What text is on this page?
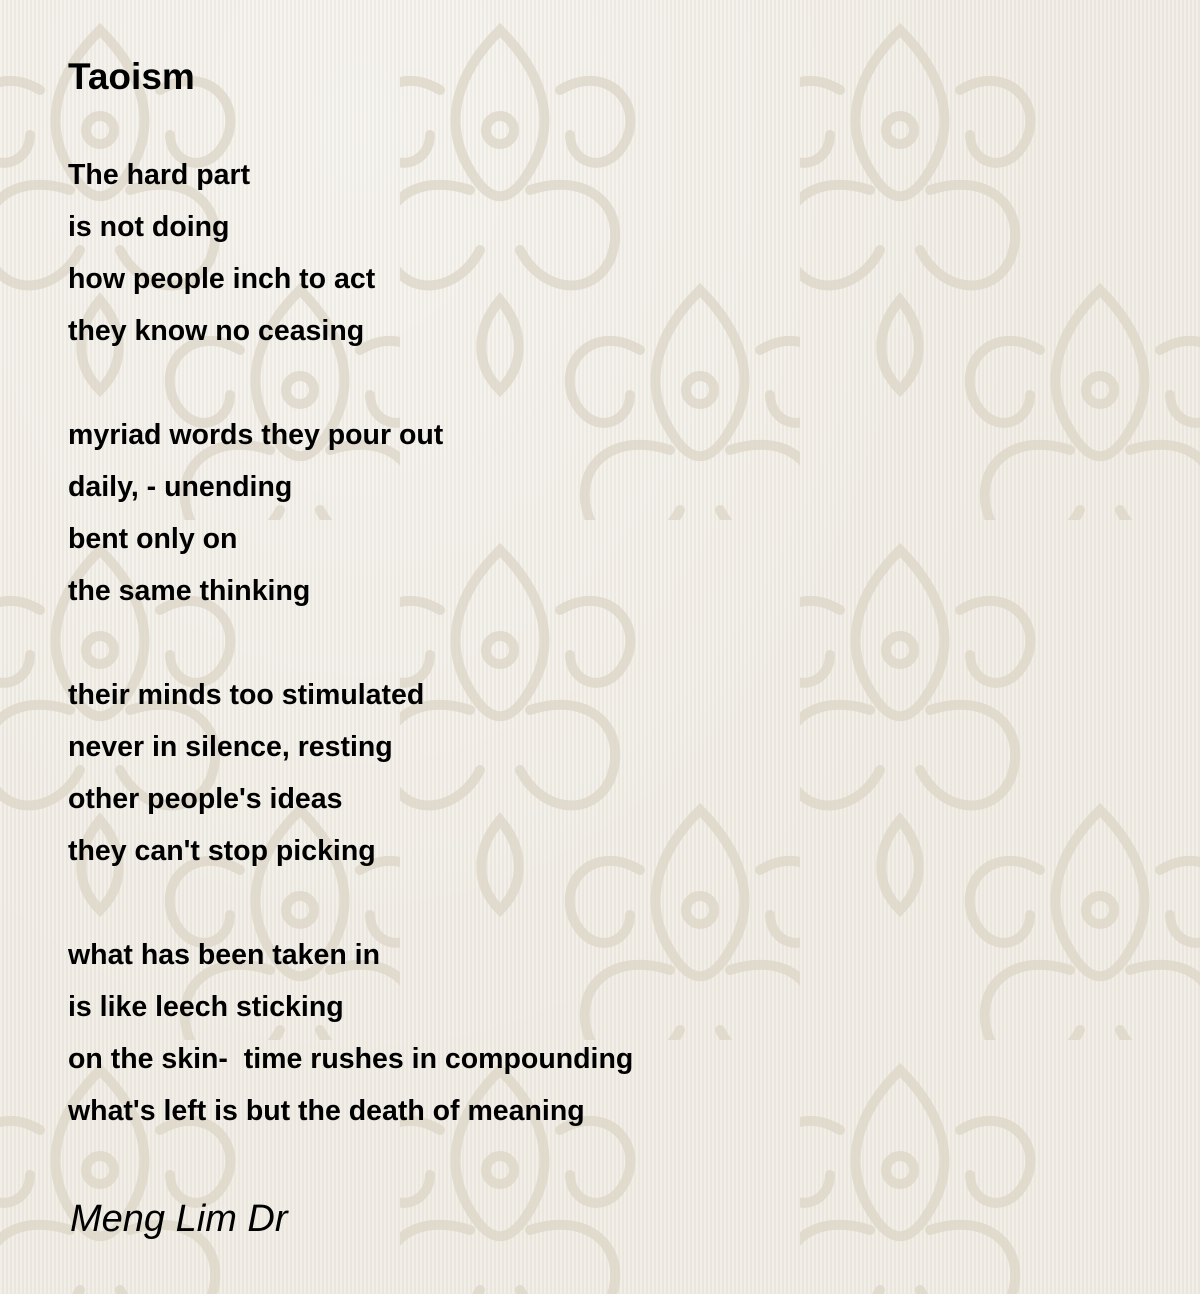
Taoism
The hard part
is not doing
how people inch to act
they know no ceasing
myriad words they pour out
daily, - unending
bent only on
the same thinking
their minds too stimulated
never in silence, resting
other people's ideas
they can't stop picking
what has been taken in
is like leech sticking
on the skin-  time rushes in compounding
what's left is but the death of meaning

Meng Lim Dr
